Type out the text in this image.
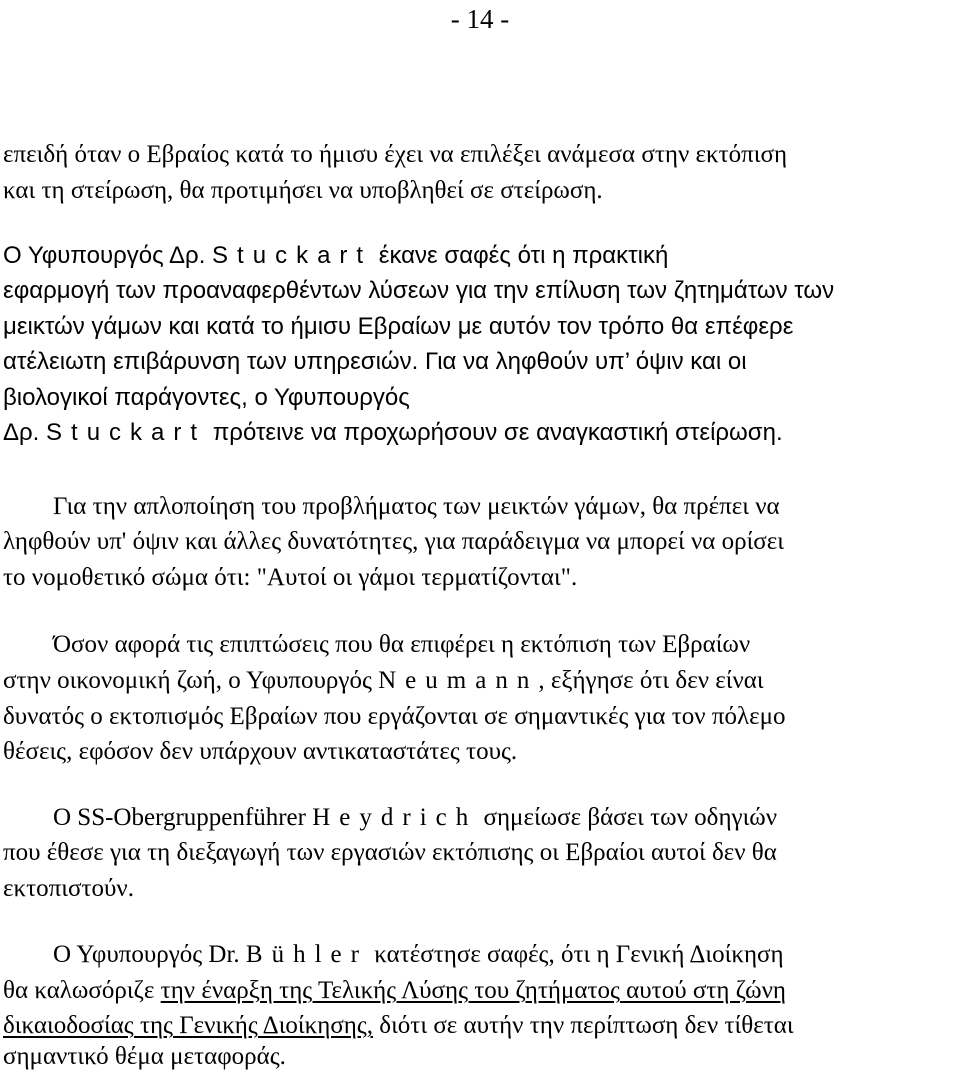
- 14 -
επειδή όταν ο Εβραίος κατά το ήμισυ έχει να επιλέξει ανάμεσα στην εκτόπιση
και τη στείρωση, θα προτιμήσει να υποβληθεί σε στείρωση.
Ο Υφυπουργός Δρ. Stuckart έκανε σαφές ότι η πρακτική
εφαρμογή των προαναφερθέντων λύσεων για την επίλυση των ζητημάτων των
μεικτών γάμων και κατά το ήμισυ Εβραίων με αυτόν τον τρόπο θα επέφερε
ατέλειωτη επιβάρυνση των υπηρεσιών. Για να ληφθούν υπ’ όψιν και οι
βιολογικοί παράγοντες, ο Υφυπουργός
Δρ. Stuckart πρότεινε να προχωρήσουν σε αναγκαστική στείρωση.
Για την απλοποίηση του προβλήματος των μεικτών γάμων, θα πρέπει να
ληφθούν υπ' όψιν και άλλες δυνατότητες, για παράδειγμα να μπορεί να ορίσει
το νομοθετικό σώμα ότι: "Αυτοί οι γάμοι τερματίζονται".
Όσον αφορά τις επιπτώσεις που θα επιφέρει η εκτόπιση των Εβραίων
στην οικονομική ζωή, ο Υφυπουργός Neumann, εξήγησε ότι δεν είναι
δυνατός ο εκτοπισμός Εβραίων που εργάζονται σε σημαντικές για τον πόλεμο
θέσεις, εφόσον δεν υπάρχουν αντικαταστάτες τους.
Ο SS-Obergruppenführer Heydrich σημείωσε βάσει των οδηγιών
που έθεσε για τη διεξαγωγή των εργασιών εκτόπισης οι Εβραίοι αυτοί δεν θα
εκτοπιστούν.
Ο Υφυπουργός Dr. Bühler κατέστησε σαφές, ότι η Γενική Διοίκηση
θα καλωσόριζε την έναρξη της Τελικής Λύσης του ζητήματος αυτού στη ζώνη
δικαιοδοσίας της Γενικής Διοίκησης, διότι σε αυτήν την περίπτωση δεν τίθεται
σημαντικό θέμα μεταφοράς.
